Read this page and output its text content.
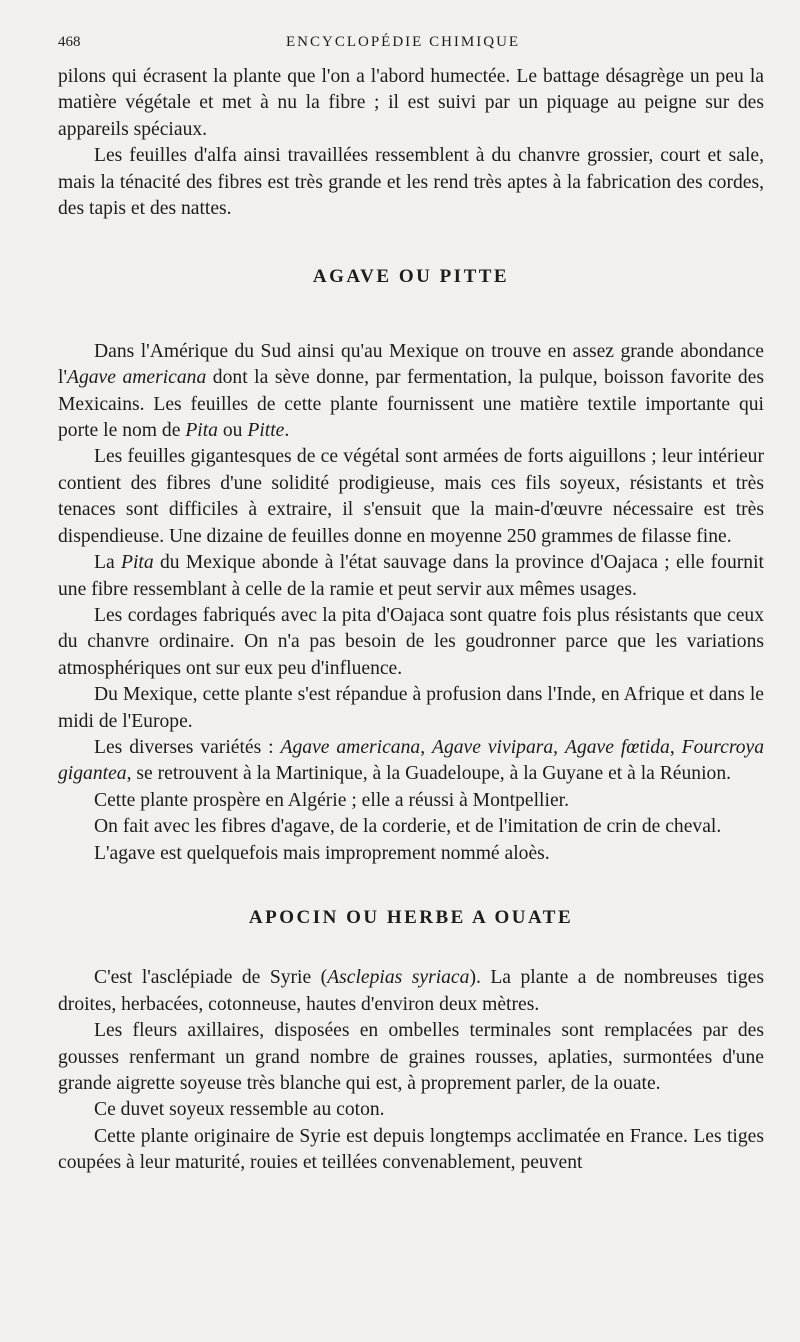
468	ENCYCLOPÉDIE CHIMIQUE

pilons qui écrasent la plante que l'on a l'abord humectée. Le battage désagrège un peu la matière végétale et met à nu la fibre ; il est suivi par un piquage au peigne sur des appareils spéciaux.

Les feuilles d'alfa ainsi travaillées ressemblent à du chanvre grossier, court et sale, mais la ténacité des fibres est très grande et les rend très aptes à la fabrication des cordes, des tapis et des nattes.

AGAVE OU PITTE

Dans l'Amérique du Sud ainsi qu'au Mexique on trouve en assez grande abondance l'Agave americana dont la sève donne, par fermentation, la pulque, boisson favorite des Mexicains. Les feuilles de cette plante fournissent une matière textile importante qui porte le nom de Pita ou Pitte.

Les feuilles gigantesques de ce végétal sont armées de forts aiguillons ; leur intérieur contient des fibres d'une solidité prodigieuse, mais ces fils soyeux, résistants et très tenaces sont difficiles à extraire, il s'ensuit que la main-d'œuvre nécessaire est très dispendieuse. Une dizaine de feuilles donne en moyenne 250 grammes de filasse fine.

La Pita du Mexique abonde à l'état sauvage dans la province d'Oajaca ; elle fournit une fibre ressemblant à celle de la ramie et peut servir aux mêmes usages.

Les cordages fabriqués avec la pita d'Oajaca sont quatre fois plus résistants que ceux du chanvre ordinaire. On n'a pas besoin de les goudronner parce que les variations atmosphériques ont sur eux peu d'influence.

Du Mexique, cette plante s'est répandue à profusion dans l'Inde, en Afrique et dans le midi de l'Europe.

Les diverses variétés : Agave americana, Agave vivipara, Agave fœtida, Fourcroya gigantea, se retrouvent à la Martinique, à la Guadeloupe, à la Guyane et à la Réunion.

Cette plante prospère en Algérie ; elle a réussi à Montpellier.

On fait avec les fibres d'agave, de la corderie, et de l'imitation de crin de cheval.

L'agave est quelquefois mais improprement nommé aloès.

APOCIN OU HERBE A OUATE

C'est l'asclépiade de Syrie (Asclepias syriaca). La plante a de nombreuses tiges droites, herbacées, cotonneuse, hautes d'environ deux mètres.

Les fleurs axillaires, disposées en ombelles terminales sont remplacées par des gousses renfermant un grand nombre de graines rousses, aplaties, surmontées d'une grande aigrette soyeuse très blanche qui est, à proprement parler, de la ouate.

Ce duvet soyeux ressemble au coton.

Cette plante originaire de Syrie est depuis longtemps acclimatée en France. Les tiges coupées à leur maturité, rouies et teillées convenablement, peuvent
